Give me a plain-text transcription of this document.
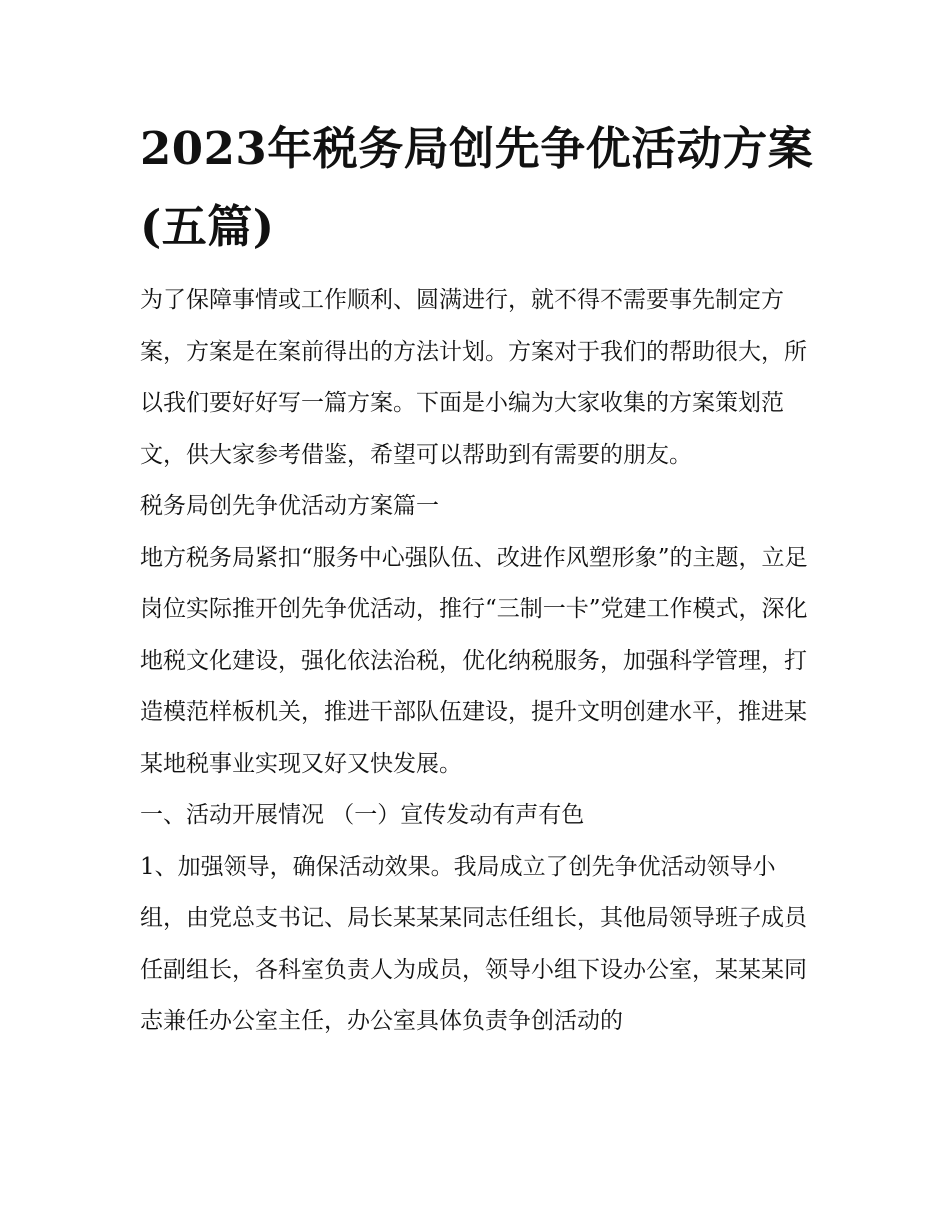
2023年税务局创先争优活动方案(五篇)

为了保障事情或工作顺利、圆满进行，就不得不需要事先制定方案，方案是在案前得出的方法计划。方案对于我们的帮助很大，所以我们要好好写一篇方案。下面是小编为大家收集的方案策划范文，供大家参考借鉴，希望可以帮助到有需要的朋友。

税务局创先争优活动方案篇一

地方税务局紧扣“服务中心强队伍、改进作风塑形象”的主题，立足岗位实际推开创先争优活动，推行“三制一卡”党建工作模式，深化地税文化建设，强化依法治税，优化纳税服务，加强科学管理，打造模范样板机关，推进干部队伍建设，提升文明创建水平，推进某某地税事业实现又好又快发展。

一、活动开展情况 （一）宣传发动有声有色

1、加强领导，确保活动效果。我局成立了创先争优活动领导小组，由党总支书记、局长某某某同志任组长，其他局领导班子成员任副组长，各科室负责人为成员，领导小组下设办公室，某某某同志兼任办公室主任，办公室具体负责争创活动的
